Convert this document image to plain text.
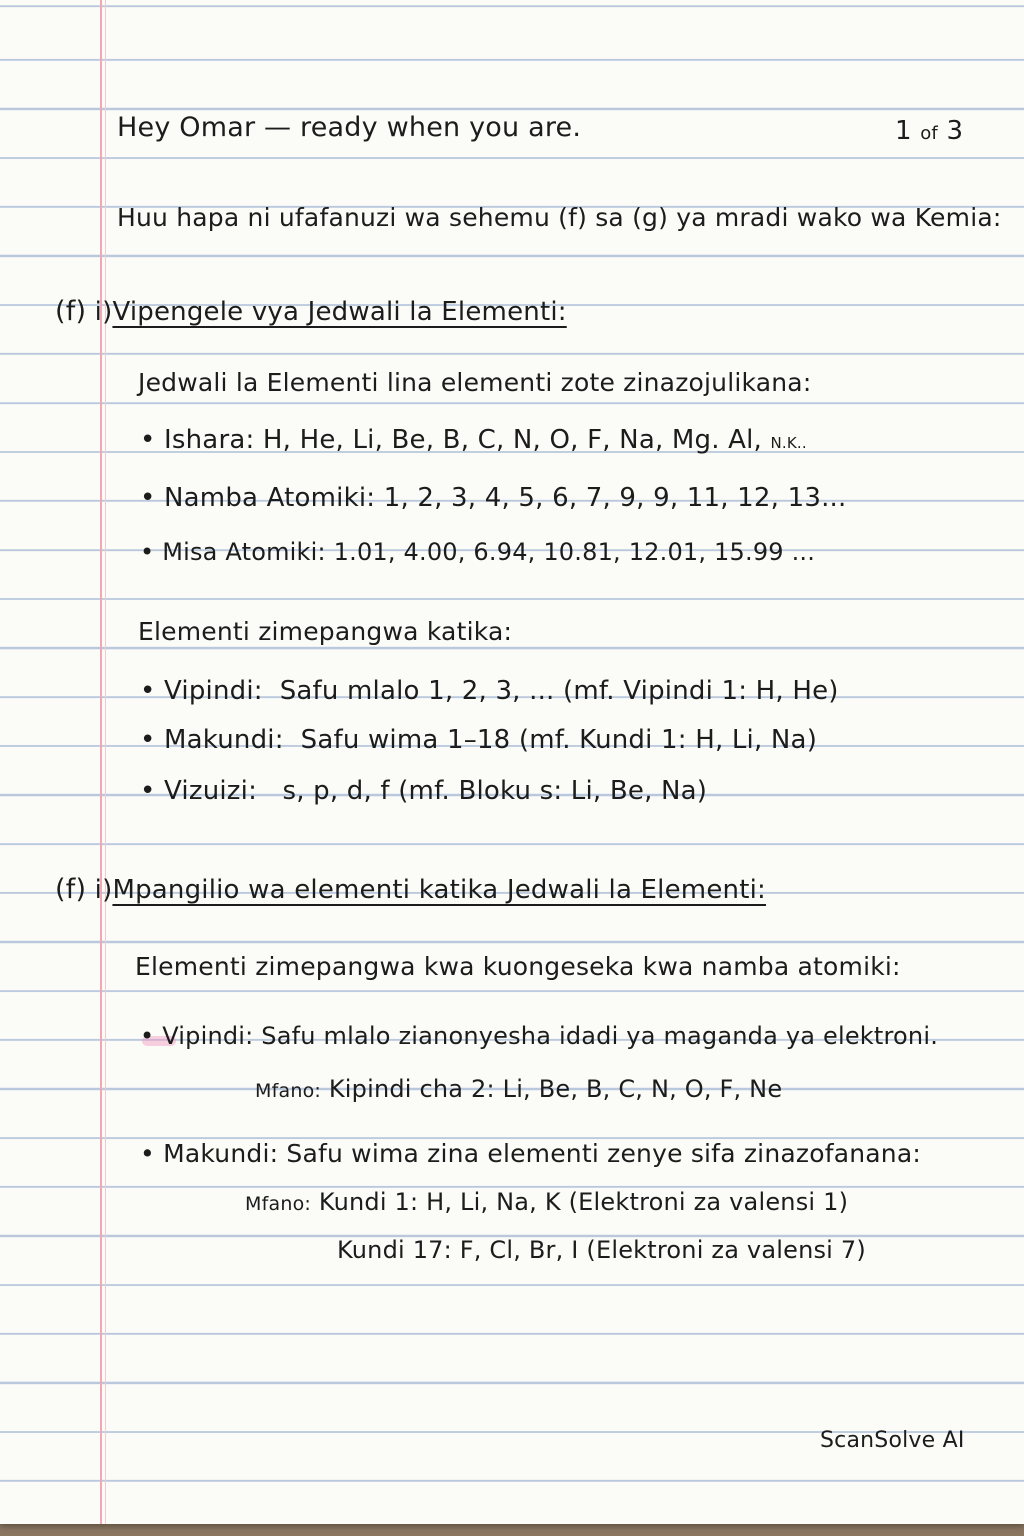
Hey Omar — ready when you are.	1 of 3
Huu hapa ni ufafanuzi wa sehemu (f) sa (g) ya mradi wako wa Kemia:
(f) i)Vipengele vya Jedwali la Elementi:
Jedwali la Elementi lina elementi zote zinazojulikana:
• Ishara: H, He, Li, Be, B, C, N, O, F, Na, Mg. Al, N.K..
• Namba Atomiki: 1, 2, 3, 4, 5, 6, 7, 9, 9, 11, 12, 13...
• Misa Atomiki: 1.01, 4.00, 6.94, 10.81, 12.01, 15.99 ...
Elementi zimepangwa katika:
• Vipindi: Safu mlalo 1, 2, 3, ... (mf. Vipindi 1: H, He)
• Makundi: Safu wima 1–18 (mf. Kundi 1: H, Li, Na)
• Vizuizi: s, p, d, f (mf. Bloku s: Li, Be, Na)
(f) i)Mpangilio wa elementi katika Jedwali la Elementi:
Elementi zimepangwa kwa kuongeseka kwa namba atomiki:
• Vipindi: Safu mlalo zianonyesha idadi ya maganda ya elektroni.
Mfano: Kipindi cha 2: Li, Be, B, C, N, O, F, Ne
• Makundi: Safu wima zina elementi zenye sifa zinazofanana:
Mfano: Kundi 1: H, Li, Na, K (Elektroni za valensi 1)
Kundi 17: F, Cl, Br, I (Elektroni za valensi 7)
ScanSolve AI
